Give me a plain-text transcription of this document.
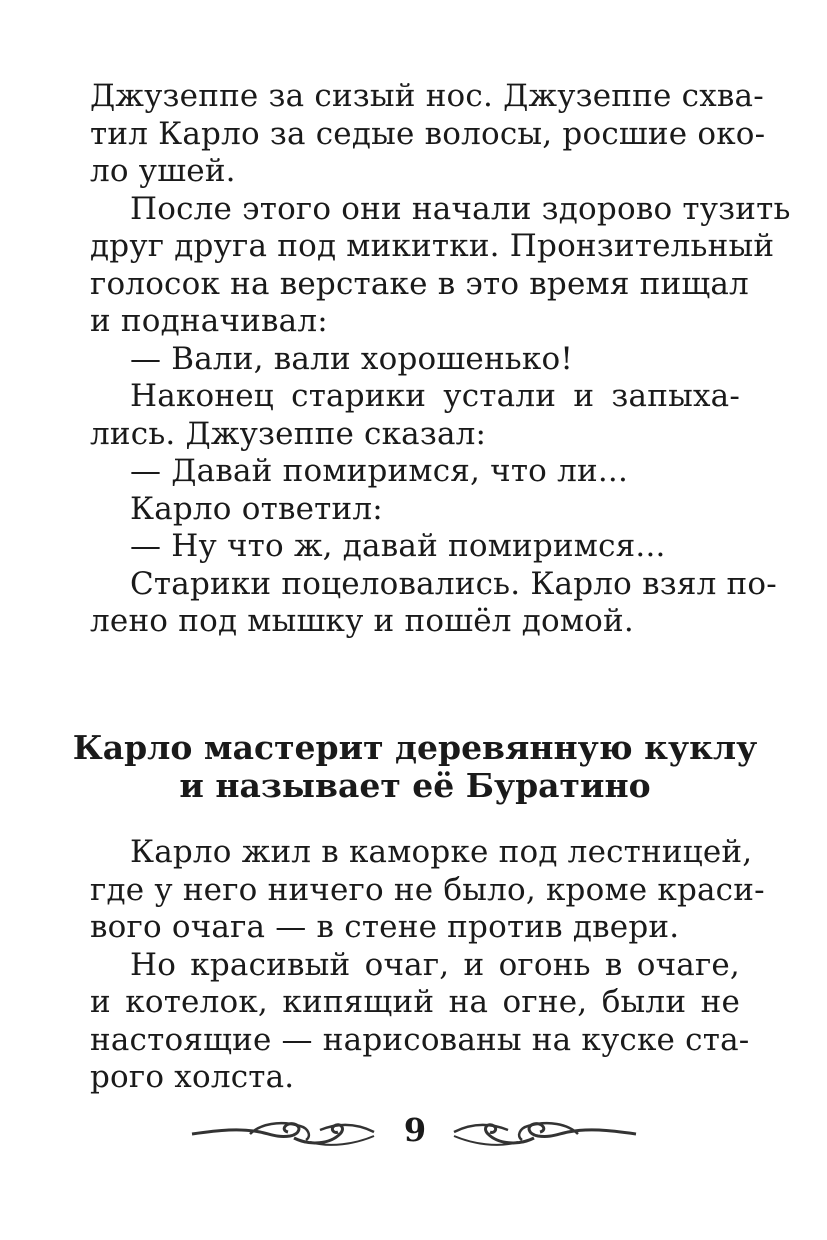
Джузеппе за сизый нос. Джузеппе схва-
тил Карло за седые волосы, росшие око-
ло ушей.
После этого они начали здорово тузить
друг друга под микитки. Пронзительный
голосок на верстаке в это время пищал
и подначивал:
— Вали, вали хорошенько!
Наконец старики устали и запыха-
лись. Джузеппе сказал:
— Давай помиримся, что ли...
Карло ответил:
— Ну что ж, давай помиримся...
Старики поцеловались. Карло взял по-
лено под мышку и пошёл домой.
Карло мастерит деревянную куклу
и называет её Буратино
Карло жил в каморке под лестницей,
где у него ничего не было, кроме краси-
вого очага — в стене против двери.
Но красивый очаг, и огонь в очаге,
и котелок, кипящий на огне, были не
настоящие — нарисованы на куске ста-
рого холста.
9
